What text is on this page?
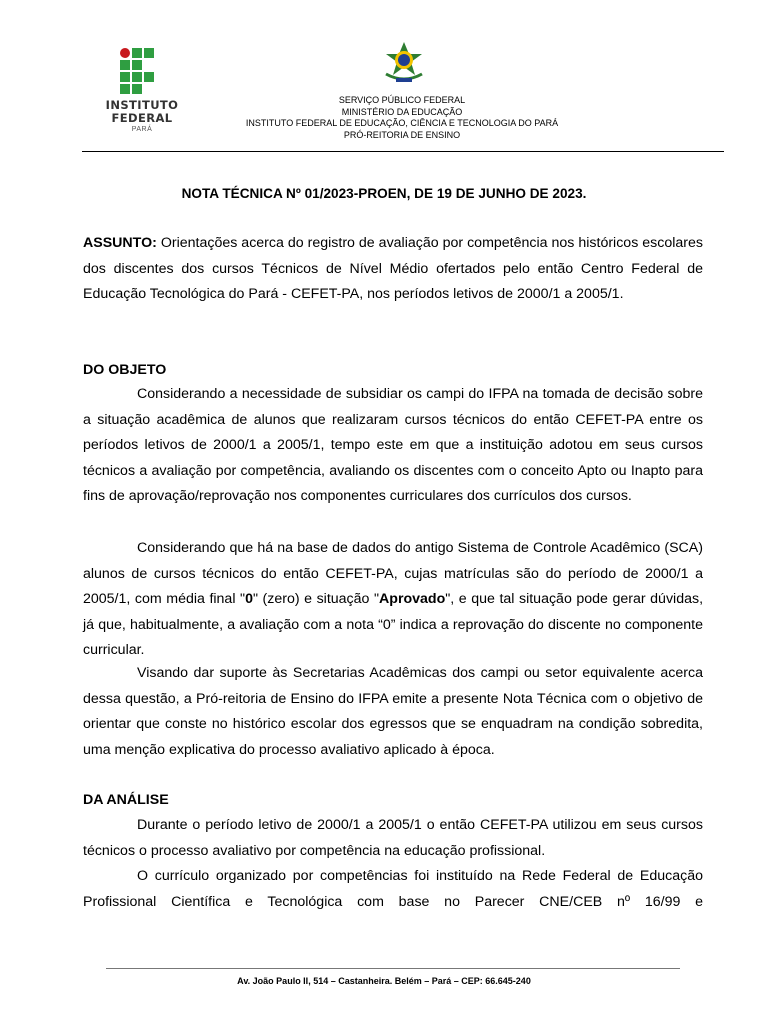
INSTITUTO
FEDERAL
PARÁ
SERVIÇO PÚBLICO FEDERAL
MINISTÉRIO DA EDUCAÇÃO
INSTITUTO FEDERAL DE EDUCAÇÃO, CIÊNCIA E TECNOLOGIA DO PARÁ
PRÓ-REITORIA DE ENSINO
NOTA TÉCNICA Nº 01/2023-PROEN, DE 19 DE JUNHO DE 2023.
ASSUNTO: Orientações acerca do registro de avaliação por competência nos históricos escolares dos discentes dos cursos Técnicos de Nível Médio ofertados pelo então Centro Federal de Educação Tecnológica do Pará - CEFET-PA, nos períodos letivos de 2000/1 a 2005/1.
DO OBJETO
Considerando a necessidade de subsidiar os campi do IFPA na tomada de decisão sobre a situação acadêmica de alunos que realizaram cursos técnicos do então CEFET-PA entre os períodos letivos de 2000/1 a 2005/1, tempo este em que a instituição adotou em seus cursos técnicos a avaliação por competência, avaliando os discentes com o conceito Apto ou Inapto para fins de aprovação/reprovação nos componentes curriculares dos currículos dos cursos.
Considerando que há na base de dados do antigo Sistema de Controle Acadêmico (SCA) alunos de cursos técnicos do então CEFET-PA, cujas matrículas são do período de 2000/1 a 2005/1, com média final "0" (zero) e situação "Aprovado", e que tal situação pode gerar dúvidas, já que, habitualmente, a avaliação com a nota “0” indica a reprovação do discente no componente curricular.
Visando dar suporte às Secretarias Acadêmicas dos campi ou setor equivalente acerca dessa questão, a Pró-reitoria de Ensino do IFPA emite a presente Nota Técnica com o objetivo de orientar que conste no histórico escolar dos egressos que se enquadram na condição sobredita, uma menção explicativa do processo avaliativo aplicado à época.
DA ANÁLISE
Durante o período letivo de 2000/1 a 2005/1 o então CEFET-PA utilizou em seus cursos técnicos o processo avaliativo por competência na educação profissional.
O currículo organizado por competências foi instituído na Rede Federal de Educação Profissional Científica e Tecnológica com base no Parecer CNE/CEB nº 16/99 e
Av. João Paulo II, 514 – Castanheira. Belém – Pará – CEP: 66.645-240
